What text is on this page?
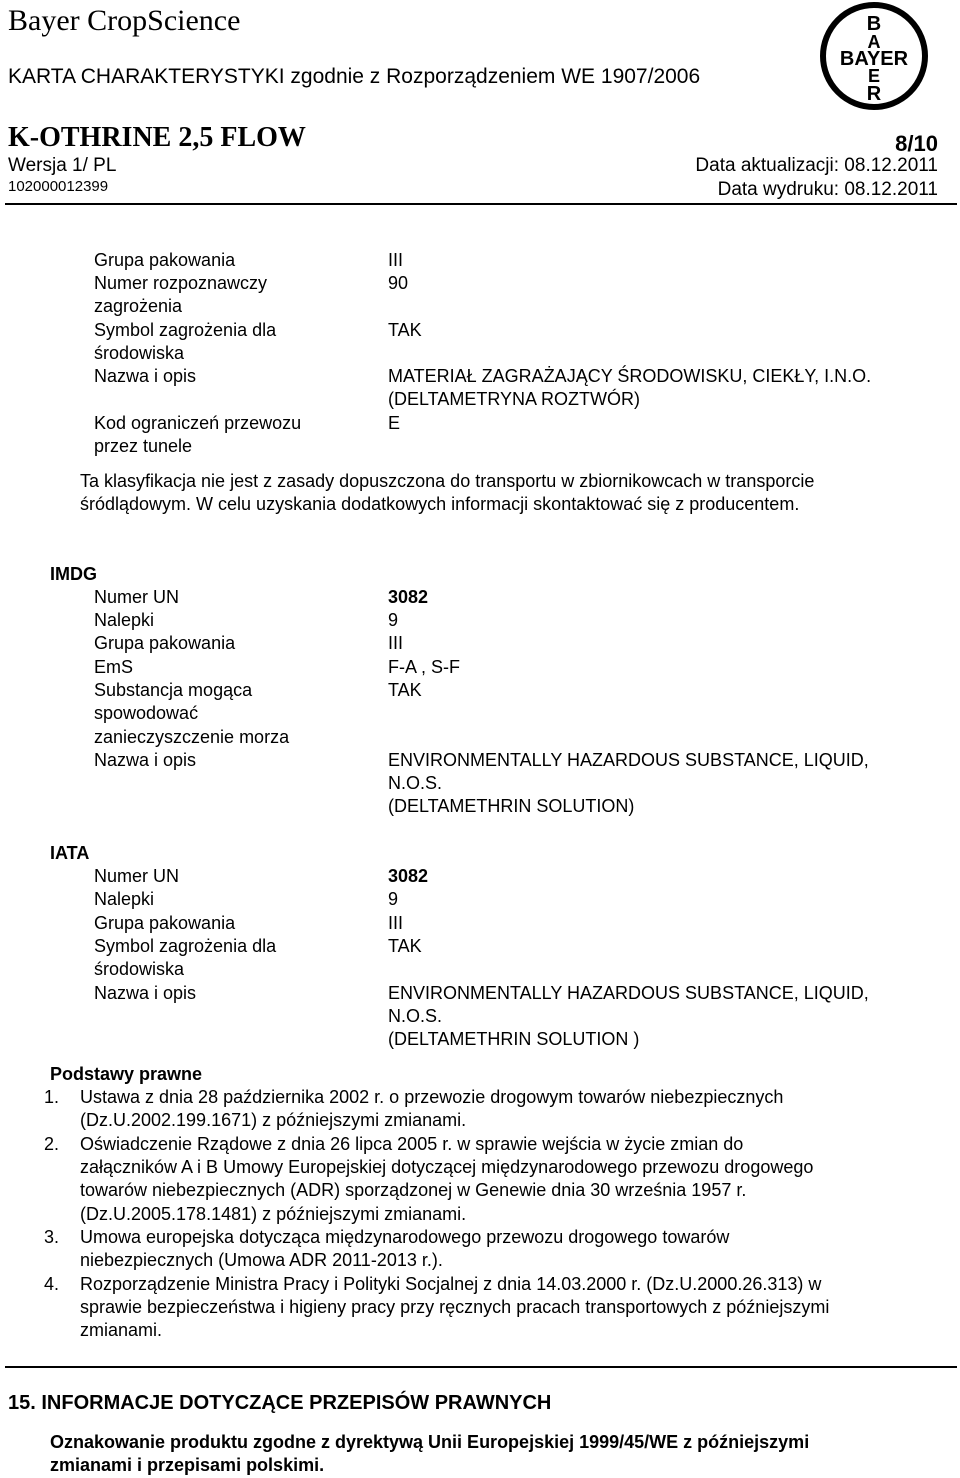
Bayer CropScience
KARTA CHARAKTERYSTYKI zgodnie z Rozporządzeniem WE 1907/2006
B
A
BAYER
E
R
K-OTHRINE 2,5 FLOW	8/10
Wersja 1/ PL	Data aktualizacji: 08.12.2011
102000012399	Data wydruku: 08.12.2011
Grupa pakowania	III
Numer rozpoznawczy	90
zagrożenia
Symbol zagrożenia dla	TAK
środowiska
Nazwa i opis	MATERIAŁ ZAGRAŻAJĄCY ŚRODOWISKU, CIEKŁY, I.N.O.
(DELTAMETRYNA ROZTWÓR)
Kod ograniczeń przewozu	E
przez tunele
Ta klasyfikacja nie jest z zasady dopuszczona do transportu w zbiornikowcach w transporcie
śródlądowym. W celu uzyskania dodatkowych informacji skontaktować się z producentem.
IMDG
Numer UN	3082
Nalepki	9
Grupa pakowania	III
EmS	F-A , S-F
Substancja mogąca	TAK
spowodować
zanieczyszczenie morza
Nazwa i opis	ENVIRONMENTALLY HAZARDOUS SUBSTANCE, LIQUID,
N.O.S.
(DELTAMETHRIN SOLUTION)
IATA
Numer UN	3082
Nalepki	9
Grupa pakowania	III
Symbol zagrożenia dla	TAK
środowiska
Nazwa i opis	ENVIRONMENTALLY HAZARDOUS SUBSTANCE, LIQUID,
N.O.S.
(DELTAMETHRIN SOLUTION )
Podstawy prawne
1. Ustawa z dnia 28 października 2002 r. o przewozie drogowym towarów niebezpiecznych
(Dz.U.2002.199.1671) z późniejszymi zmianami.
2. Oświadczenie Rządowe z dnia 26 lipca 2005 r. w sprawie wejścia w życie zmian do
załączników A i B Umowy Europejskiej dotyczącej międzynarodowego przewozu drogowego
towarów niebezpiecznych (ADR) sporządzonej w Genewie dnia 30 września 1957 r.
(Dz.U.2005.178.1481) z późniejszymi zmianami.
3. Umowa europejska dotycząca międzynarodowego przewozu drogowego towarów
niebezpiecznych (Umowa ADR 2011-2013 r.).
4. Rozporządzenie Ministra Pracy i Polityki Socjalnej z dnia 14.03.2000 r. (Dz.U.2000.26.313) w
sprawie bezpieczeństwa i higieny pracy przy ręcznych pracach transportowych z późniejszymi
zmianami.
15. INFORMACJE DOTYCZĄCE PRZEPISÓW PRAWNYCH
Oznakowanie produktu zgodne z dyrektywą Unii Europejskiej 1999/45/WE z późniejszymi
zmianami i przepisami polskimi.
